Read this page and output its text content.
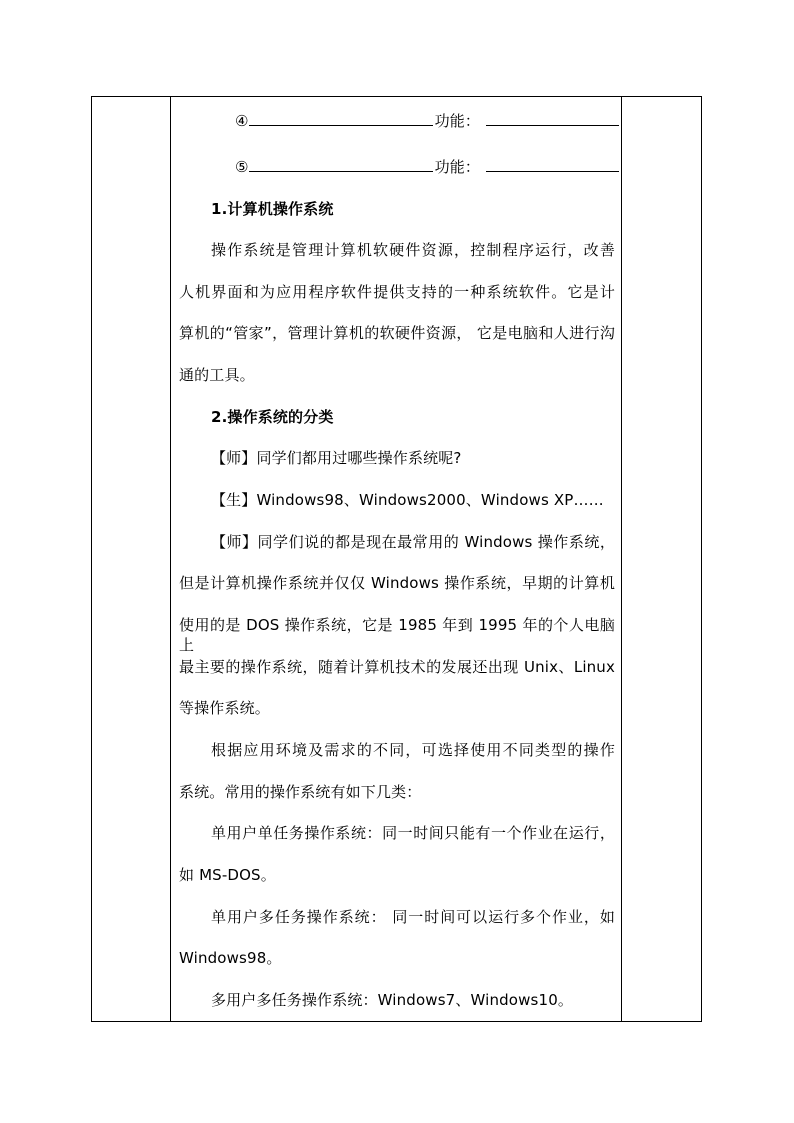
④	功能：
⑤	功能：
1.计算机操作系统
操作系统是管理计算机软硬件资源，控制程序运行，改善
人机界面和为应用程序软件提供支持的一种系统软件。它是计
算机的“管家”，管理计算机的软硬件资源， 它是电脑和人进行沟
通的工具。
2.操作系统的分类
【师】同学们都用过哪些操作系统呢?
【生】Windows98、Windows2000、Windows XP……
【师】同学们说的都是现在最常用的 Windows 操作系统，
但是计算机操作系统并仅仅 Windows 操作系统，早期的计算机
使用的是 DOS 操作系统，它是 1985 年到 1995 年的个人电脑上
最主要的操作系统，随着计算机技术的发展还出现 Unix、Linux
等操作系统。
根据应用环境及需求的不同，可选择使用不同类型的操作
系统。常用的操作系统有如下几类：
单用户单任务操作系统：同一时间只能有一个作业在运行，
如 MS-DOS。
单用户多任务操作系统： 同一时间可以运行多个作业，如
Windows98。
多用户多任务操作系统：Windows7、Windows10。
